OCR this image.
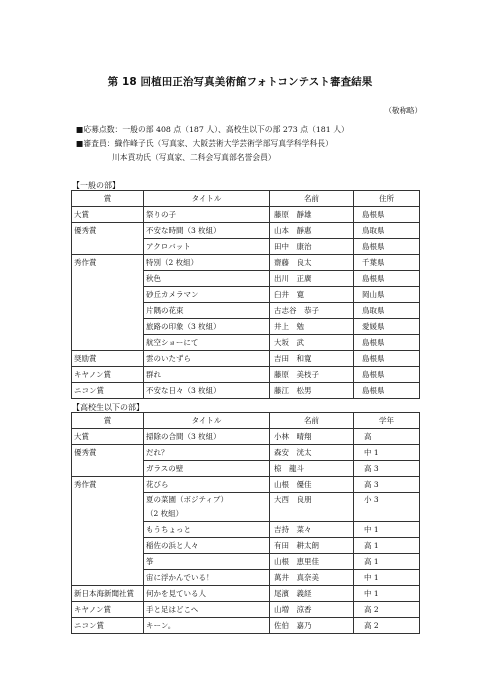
第 18 回植田正治写真美術館フォトコンテスト審査結果
（敬称略）
■応募点数：一般の部 408 点（187 人）、高校生以下の部 273 点（181 人）
■審査員：織作峰子氏（写真家、大阪芸術大学芸術学部写真学科学科長）
川本貢功氏（写真家、二科会写真部名誉会員）
【一般の部】
賞	タイトル	名前	住所
大賞	祭りの子	藤原　靜雄	島根県
優秀賞	不安な時間（3 枚組）	山本　靜惠	鳥取県
	アクロバット	田中　康治	島根県
秀作賞	特別（2 枚組）	齋藤　良太	千葉県
	秋色	出川　正廣	島根県
	砂丘カメラマン	臼井　寛	岡山県
	片隅の花束	古志谷　恭子	鳥取県
	旅路の印象（3 枚組）	井上　勉	愛媛県
	航空ショーにて	大坂　武	島根県
奨励賞	雲のいたずら	吉田　和寛	島根県
キヤノン賞	群れ	藤原　美枝子	島根県
ニコン賞	不安な日々（3 枚組）	藤江　松男	島根県
【高校生以下の部】
賞	タイトル	名前	学年
大賞	掃除の合間（3 枚組）	小林　晴翔	高
優秀賞	だれ？	森安　洸太	中 1
	ガラスの壁	椋　龍斗	高 3
秀作賞	花びら	山根　優佳	高 3
	夏の菜園（ボジティブ）
（2 枚組）	大西　良朋	小 3
	もうちょっと	吉持　菜々	中 1
	稲佐の浜と人々	有田　耕太朗	高 1
	筝	山根　恵里佳	高 1
	宙に浮かんでいる！	萬井　真奈美	中 1
新日本海新聞社賞	何かを見ている人	尾濱　義経	中 1
キヤノン賞	手と足はどこへ	山増　涼香	高 2
ニコン賞	キーン。	佐伯　嘉乃	高 2
